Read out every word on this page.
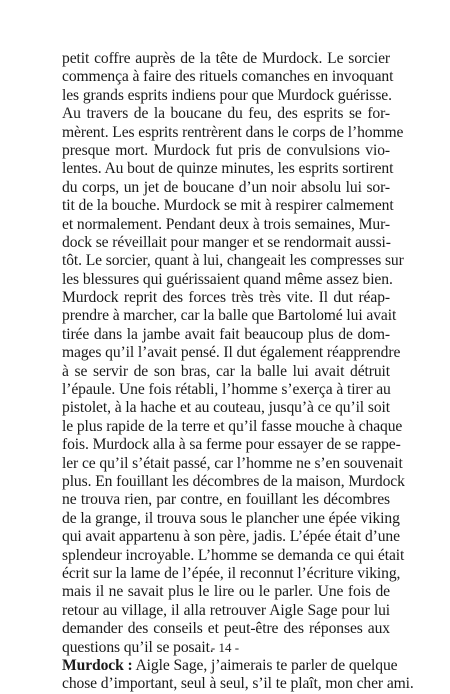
petit coffre auprès de la tête de Murdock. Le sorcier
commença à faire des rituels comanches en invoquant
les grands esprits indiens pour que Murdock guérisse.
Au travers de la boucane du feu, des esprits se for-
mèrent. Les esprits rentrèrent dans le corps de l’homme
presque mort. Murdock fut pris de convulsions vio-
lentes. Au bout de quinze minutes, les esprits sortirent
du corps, un jet de boucane d’un noir absolu lui sor-
tit de la bouche. Murdock se mit à respirer calmement
et normalement. Pendant deux à trois semaines, Mur-
dock se réveillait pour manger et se rendormait aussi-
tôt. Le sorcier, quant à lui, changeait les compresses sur
les blessures qui guérissaient quand même assez bien.
Murdock reprit des forces très très vite. Il dut réap-
prendre à marcher, car la balle que Bartolomé lui avait
tirée dans la jambe avait fait beaucoup plus de dom-
mages qu’il l’avait pensé. Il dut également réapprendre
à se servir de son bras, car la balle lui avait détruit
l’épaule. Une fois rétabli, l’homme s’exerça à tirer au
pistolet, à la hache et au couteau, jusqu’à ce qu’il soit
le plus rapide de la terre et qu’il fasse mouche à chaque
fois. Murdock alla à sa ferme pour essayer de se rappe-
ler ce qu’il s’était passé, car l’homme ne s’en souvenait
plus. En fouillant les décombres de la maison, Murdock
ne trouva rien, par contre, en fouillant les décombres
de la grange, il trouva sous le plancher une épée viking
qui avait appartenu à son père, jadis. L’épée était d’une
splendeur incroyable. L’homme se demanda ce qui était
écrit sur la lame de l’épée, il reconnut l’écriture viking,
mais il ne savait plus le lire ou le parler. Une fois de
retour au village, il alla retrouver Aigle Sage pour lui
demander des conseils et peut-être des réponses aux
questions qu’il se posait.
Murdock : Aigle Sage, j’aimerais te parler de quelque
chose d’important, seul à seul, s’il te plaît, mon cher ami.
- 14 -
